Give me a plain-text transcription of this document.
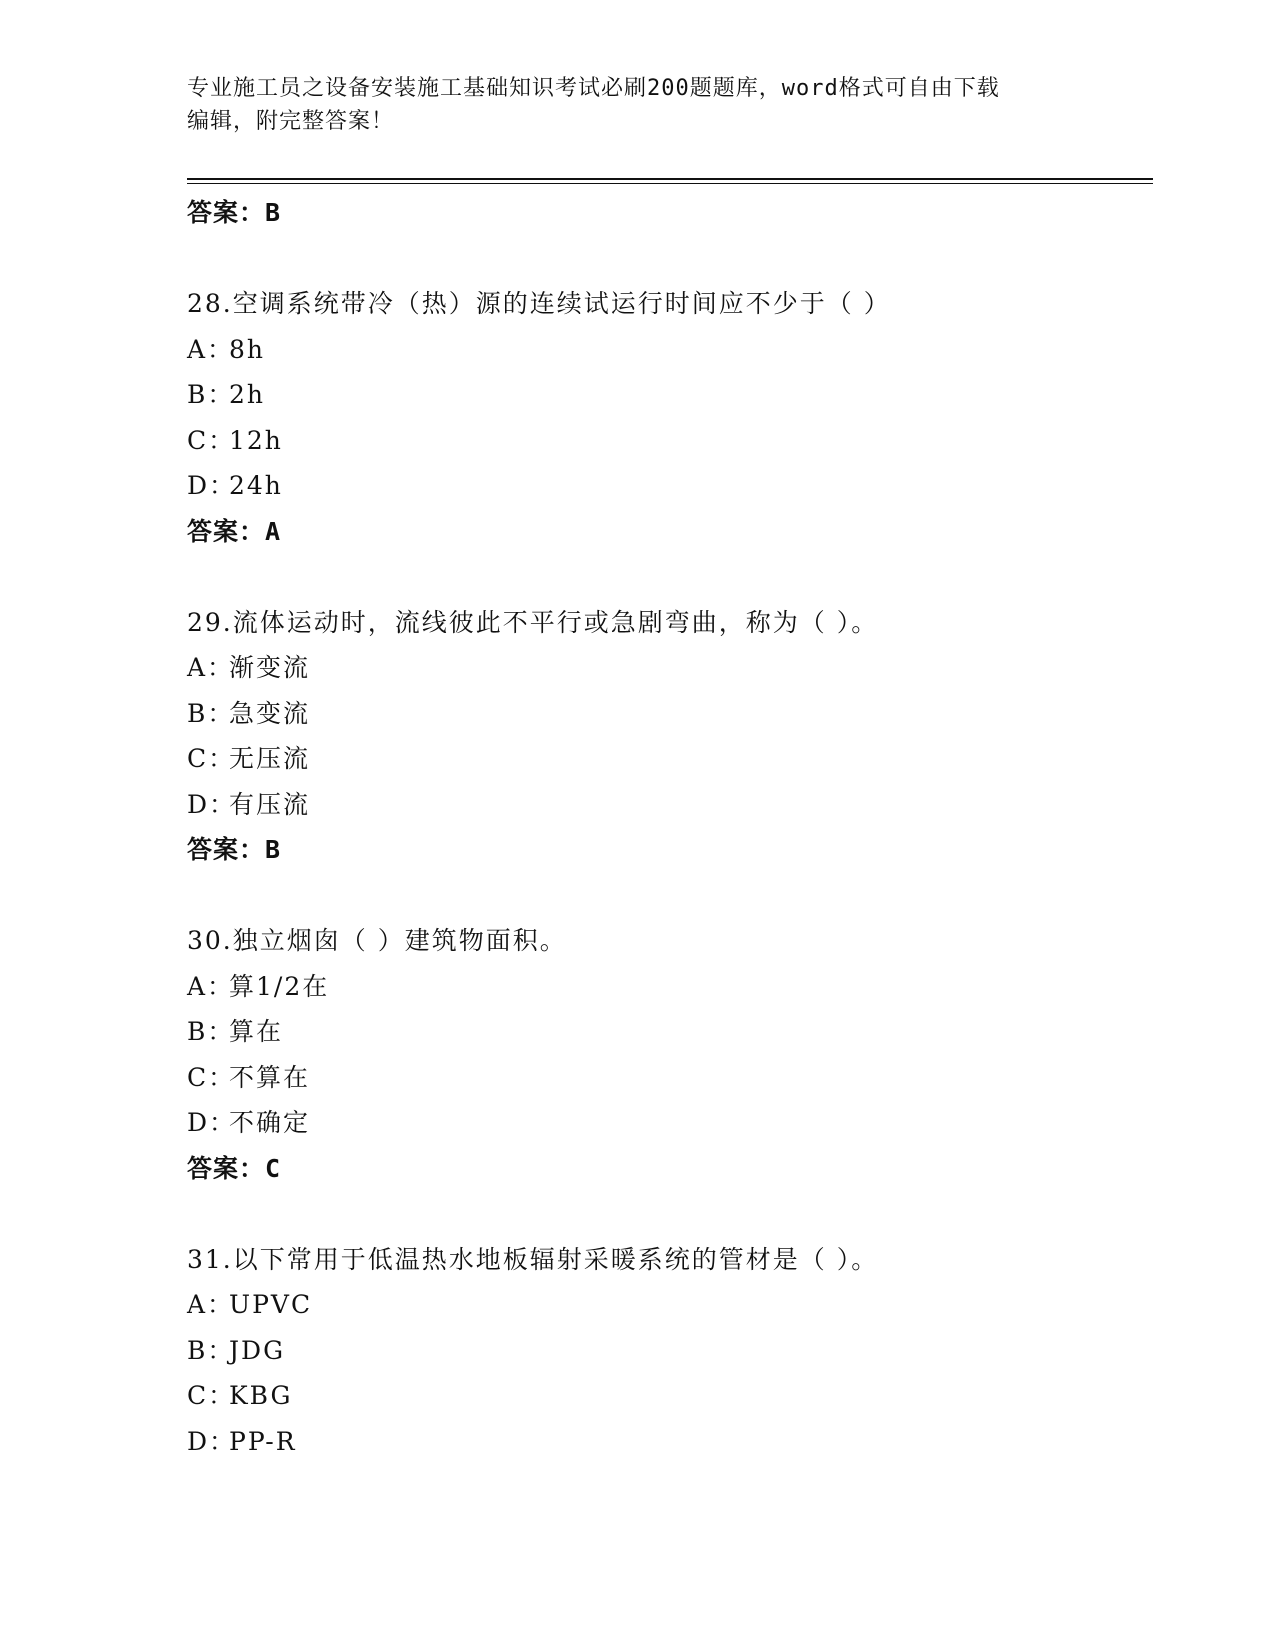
专业施工员之设备安装施工基础知识考试必刷200题题库，word格式可自由下载
编辑，附完整答案！
答案：B
28.空调系统带冷（热）源的连续试运行时间应不少于（ ）
A：8h
B：2h
C：12h
D：24h
答案：A
29.流体运动时，流线彼此不平行或急剧弯曲，称为（ ）。
A：渐变流
B：急变流
C：无压流
D：有压流
答案：B
30.独立烟囱（ ）建筑物面积。
A：算1/2在
B：算在
C：不算在
D：不确定
答案：C
31.以下常用于低温热水地板辐射采暖系统的管材是（ ）。
A：UPVC
B：JDG
C：KBG
D：PP-R
